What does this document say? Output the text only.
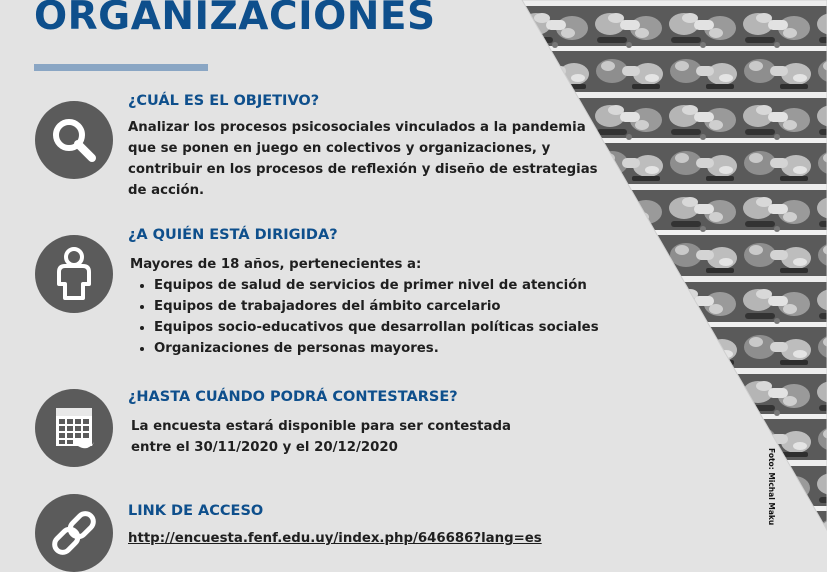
ORGANIZACIONES
¿CUÁL ES EL OBJETIVO?

Analizar los procesos psicosociales vinculados a la pandemia

que se ponen en juego en colectivos y organizaciones, y

contribuir en los procesos de reflexión y diseño de estrategias

de acción.

¿A QUIÉN ESTÁ DIRIGIDA?

Mayores de 18 años, pertenecientes a:

• Equipos de salud de servicios de primer nivel de atención
• Equipos de trabajadores del ámbito carcelario
• Equipos socio-educativos que desarrollan políticas sociales
• Organizaciones de personas mayores.
¿HASTA CUÁNDO PODRÁ CONTESTARSE?

La encuesta estará disponible para ser contestada

entre el 30/11/2020 y el 20/12/2020

LINK DE ACCESO
http://encuesta.fenf.edu.uy/index.php/646686?lang=es
Foto: Michal Maku
